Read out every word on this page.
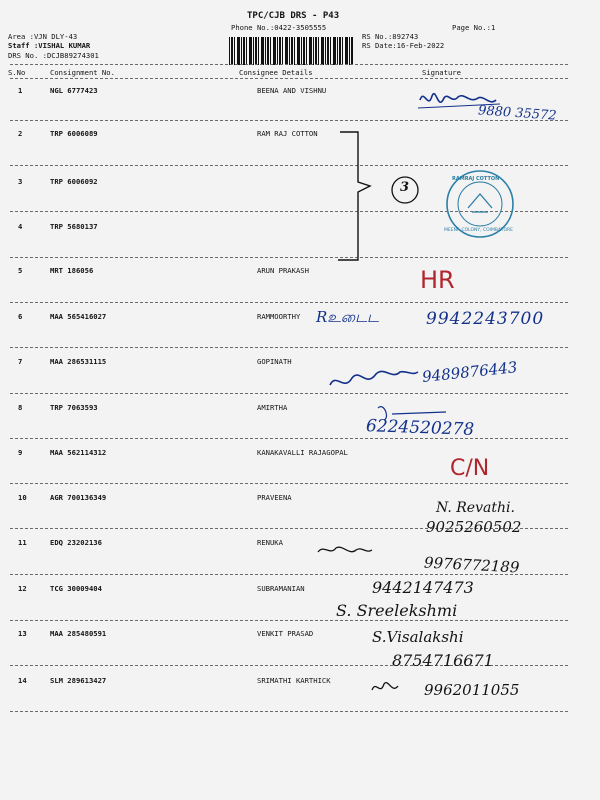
TPC/CJB DRS - P43
Phone No.:0422-3505555	Page No.:1
Area :VJN DLY-43
Staff :VISHAL KUMAR
DRS No. :DCJB89274301
RS No.:892743
RS Date:16-Feb-2022
S.No	Consignment No.	Consignee Details	Signature
1	NGL 6777423	BEENA AND VISHNU
2	TRP 6006089	RAM RAJ COTTON
3	TRP 6006092
4	TRP 5680137
5	MRT 186056	ARUN PRAKASH
6	MAA 565416027	RAMMOORTHY
7	MAA 286531115	GOPINATH
8	TRP 7063593	AMIRTHA
9	MAA 562114312	KANAKAVALLI RAJAGOPAL
10	AGR 700136349	PRAVEENA
11	EDQ 23202136	RENUKA
12	TCG 30009404	SUBRAMANIAN
13	MAA 285480591	VENKIT PRASAD
14	SLM 289613427	SRIMATHI KARTHICK
9880 35572
3
RAMRAJ COTTON
MEENA COLONY, COIMBATORE
HR
Rஉடைட	9942243700
9489876443
6224520278
C/N
N. Revathi.
9025260502
9976772189
9442147473
S. Sreelekshmi
S.Visalakshi
8754716671
9962011055
